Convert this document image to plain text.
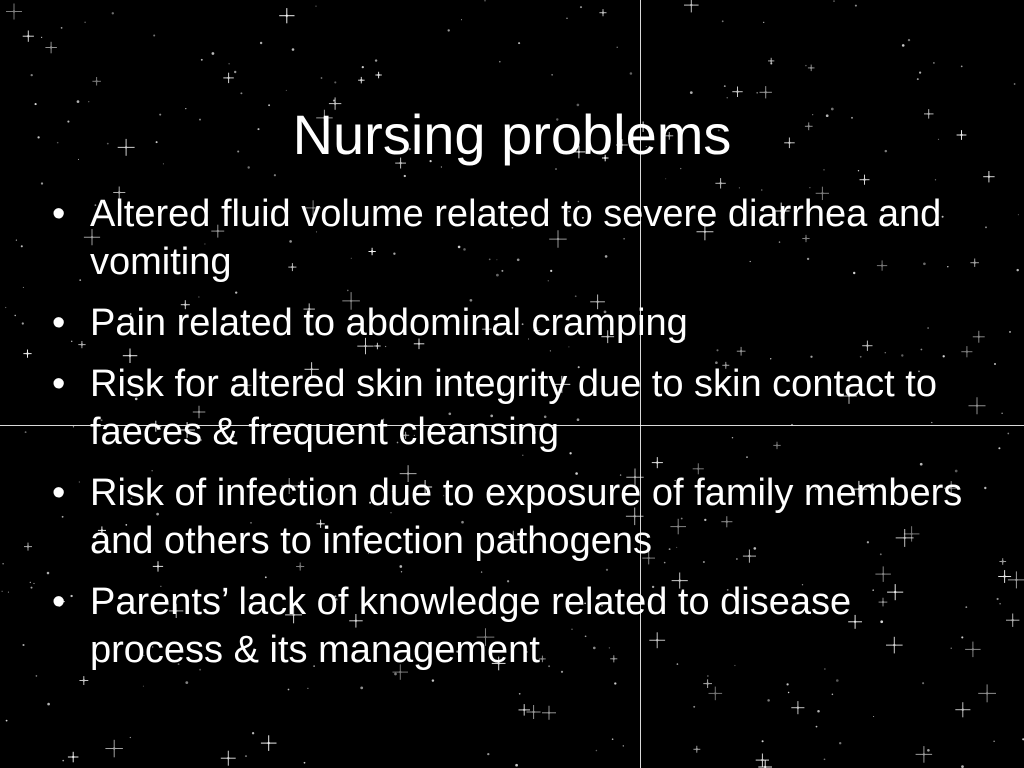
Nursing problems
• Altered fluid volume related to severe diarrhea and vomiting
• Pain related to abdominal cramping
• Risk for altered skin integrity due to skin contact to faeces & frequent cleansing
• Risk of infection due to exposure of family members and others to infection pathogens
• Parents’ lack of knowledge related to disease process & its management
